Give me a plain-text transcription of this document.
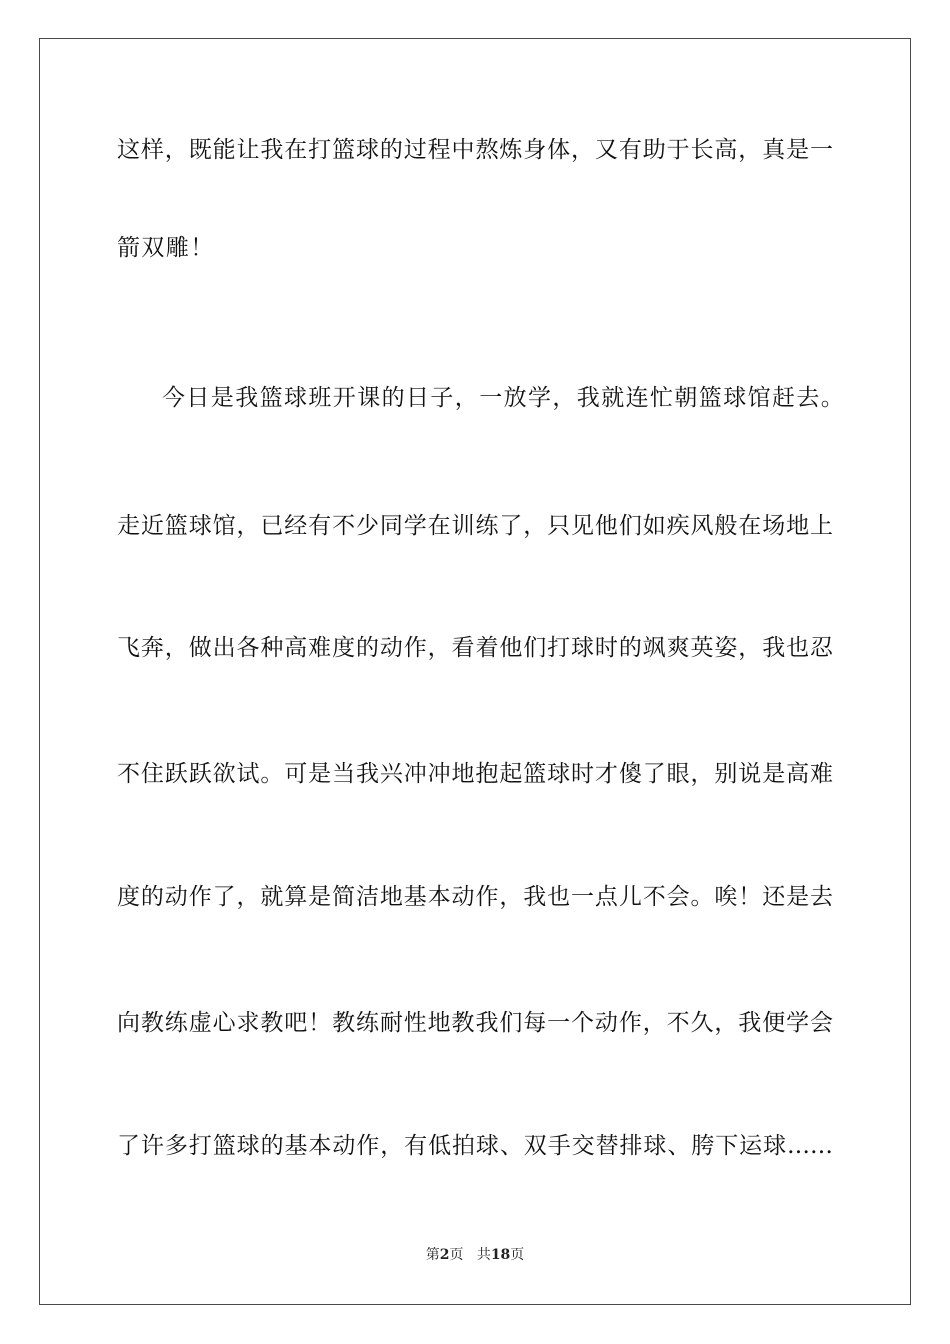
这样，既能让我在打篮球的过程中熬炼身体，又有助于长高，真是一
箭双雕！
今日是我篮球班开课的日子，一放学，我就连忙朝篮球馆赶去。
走近篮球馆，已经有不少同学在训练了，只见他们如疾风般在场地上
飞奔，做出各种高难度的动作，看着他们打球时的飒爽英姿，我也忍
不住跃跃欲试。可是当我兴冲冲地抱起篮球时才傻了眼，别说是高难
度的动作了，就算是简洁地基本动作，我也一点儿不会。唉！还是去
向教练虚心求教吧！教练耐性地教我们每一个动作，不久，我便学会
了许多打篮球的基本动作，有低拍球、双手交替排球、胯下运球……
第2页 共18页
